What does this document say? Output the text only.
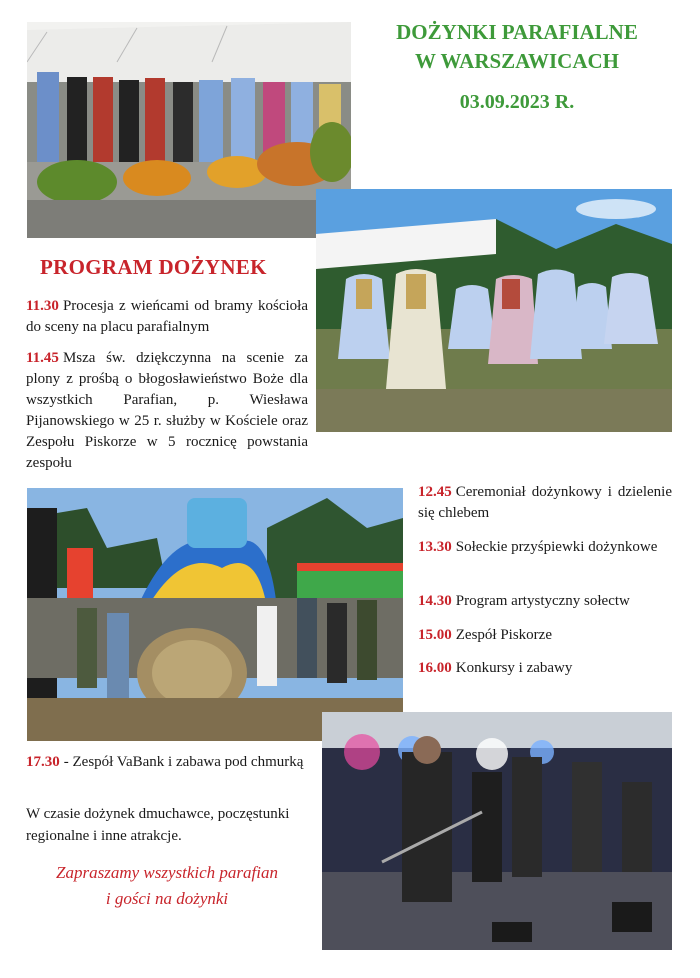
DOŻYNKI PARAFIALNE
W WARSZAWICACH
03.09.2023 R.
PROGRAM DOŻYNEK
11.30 Procesja z wieńcami od bramy kościoła do sceny na placu parafialnym
11.45 Msza św. dziękczynna na scenie za plony z prośbą o błogosławieństwo Boże dla wszystkich Parafian, p. Wiesława Pijanowskiego w 25 r. służby w Kościele oraz Zespołu Piskorze w 5 rocznicę powstania zespołu
12.45 Ceremoniał dożynkowy i dzielenie się chlebem
13.30 Sołeckie przyśpiewki dożynkowe
14.30 Program artystyczny sołectw
15.00 Zespół Piskorze
16.00 Konkursy i zabawy
17.30 - Zespół VaBank i zabawa pod chmurką
W czasie dożynek dmuchawce, poczęstunki regionalne i inne atrakcje.
Zapraszamy wszystkich parafian
i gości na dożynki
